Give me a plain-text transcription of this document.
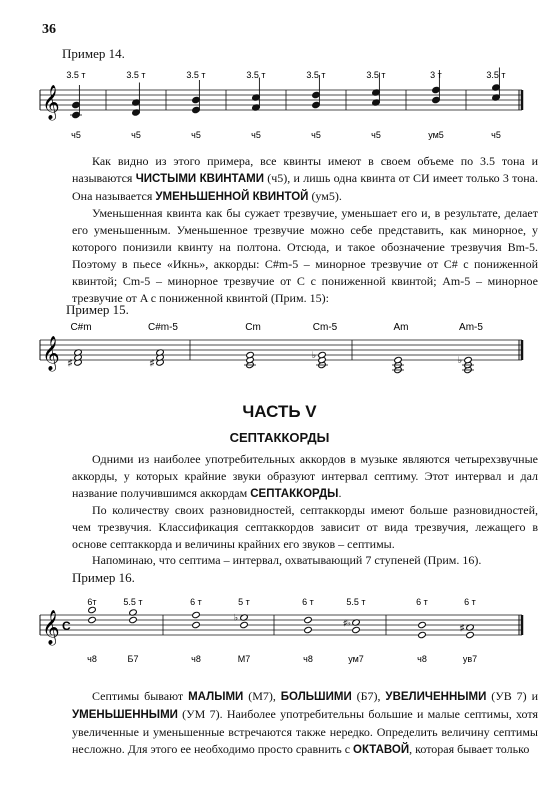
36
Пример 14.
3.5 т	3.5 т	3.5 т	3.5 т	3.5 т	3.5 т	3 т	3.5 т
𝄞
ч5	ч5	ч5	ч5	ч5	ч5	ум5	ч5
Как видно из этого примера, все квинты имеют в своем объеме по 3.5 тона и называются ЧИСТЫМИ КВИНТАМИ (ч5), и лишь одна квинта от СИ имеет только 3 тона. Она называется УМЕНЬШЕННОЙ КВИНТОЙ (ум5).
Уменьшенная квинта как бы сужает трезвучие, уменьшает его и, в результате, делает его уменьшенным. Уменьшенное трезвучие можно себе представить, как минорное, у которого понизили квинту на полтона. Отсюда, и такое обозначение трезвучия Bm-5. Поэтому в пьесе «Икнь», аккорды: C#m-5 – минорное трезвучие от C# с пониженной квинтой; Cm-5 – минорное трезвучие от C с пониженной квинтой; Am-5 – минорное трезвучие от A с пониженной квинтой (Прим. 15):
Пример 15.
C#m	C#m-5	Cm	Cm-5	Am	Am-5
𝄞 ♯	♯
♭	♭
ЧАСТЬ V
СЕПТАККОРДЫ
Одними из наиболее употребительных аккордов в музыке являются четырехзвучные аккорды, у которых крайние звуки образуют интервал септиму. Этот интервал и дал название получившимся аккордам СЕПТАККОРДЫ.
По количеству своих разновидностей, септаккорды имеют больше разновидностей, чем трезвучия. Классификация септаккордов зависит от вида трезвучия, лежащего в основе септаккорда и величины крайних его звуков – септимы.
Напоминаю, что септима – интервал, охватывающий 7 ступеней (Прим. 16).
Пример 16.
6т	5.5 т	6 т	5 т	6 т	5.5 т	6 т	6 т
𝄞 C
♭
♯♭	♯
ч8	Б7	ч8	М7	ч8	ум7	ч8	ув7
Септимы бывают МАЛЫМИ (М7), БОЛЬШИМИ (Б7), УВЕЛИЧЕННЫМИ (УВ 7) и УМЕНЬШЕННЫМИ (УМ 7). Наиболее употребительны большие и малые септимы, хотя увеличенные и уменьшенные встречаются также нередко. Определить величину септимы несложно. Для этого ее необходимо просто сравнить с ОКТАВОЙ, которая бывает только
